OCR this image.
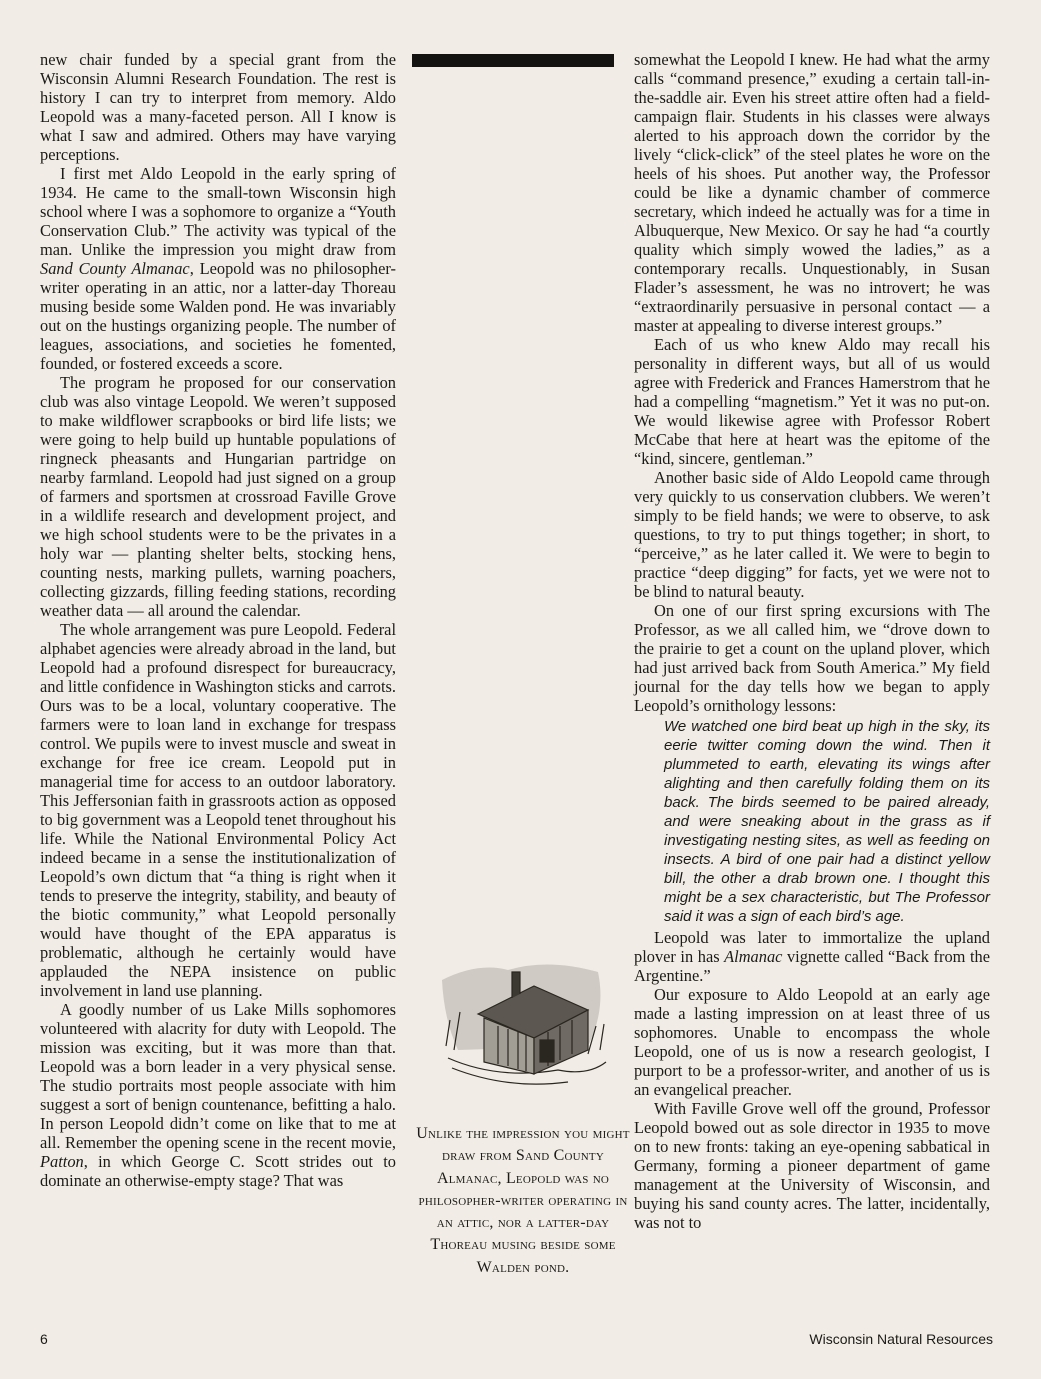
new chair funded by a special grant from the Wisconsin Alumni Research Foundation. The rest is history I can try to interpret from memory. Aldo Leopold was a many-faceted person. All I know is what I saw and admired. Others may have varying perceptions.

I first met Aldo Leopold in the early spring of 1934. He came to the small-town Wisconsin high school where I was a sophomore to organize a “Youth Conservation Club.” The activity was typical of the man. Unlike the impression you might draw from Sand County Almanac, Leopold was no philosopher-writer operating in an attic, nor a latter-day Thoreau musing beside some Walden pond. He was invariably out on the hustings organizing people. The number of leagues, associations, and societies he fomented, founded, or fostered exceeds a score.

The program he proposed for our conservation club was also vintage Leopold. We weren’t supposed to make wildflower scrapbooks or bird life lists; we were going to help build up huntable populations of ringneck pheasants and Hungarian partridge on nearby farmland. Leopold had just signed on a group of farmers and sportsmen at crossroad Faville Grove in a wildlife research and development project, and we high school students were to be the privates in a holy war — planting shelter belts, stocking hens, counting nests, marking pullets, warning poachers, collecting gizzards, filling feeding stations, recording weather data — all around the calendar.

The whole arrangement was pure Leopold. Federal alphabet agencies were already abroad in the land, but Leopold had a profound disrespect for bureaucracy, and little confidence in Washington sticks and carrots. Ours was to be a local, voluntary cooperative. The farmers were to loan land in exchange for trespass control. We pupils were to invest muscle and sweat in exchange for free ice cream. Leopold put in managerial time for access to an outdoor laboratory. This Jeffersonian faith in grassroots action as opposed to big government was a Leopold tenet throughout his life. While the National Environmental Policy Act indeed became in a sense the institutionalization of Leopold’s own dictum that “a thing is right when it tends to preserve the integrity, stability, and beauty of the biotic community,” what Leopold personally would have thought of the EPA apparatus is problematic, although he certainly would have applauded the NEPA insistence on public involvement in land use planning.

A goodly number of us Lake Mills sophomores volunteered with alacrity for duty with Leopold. The mission was exciting, but it was more than that. Leopold was a born leader in a very physical sense. The studio portraits most people associate with him suggest a sort of benign countenance, befitting a halo. In person Leopold didn’t come on like that to me at all. Remember the opening scene in the recent movie, Patton, in which George C. Scott strides out to dominate an otherwise-empty stage? That was

Unlike the impression you might draw from Sand County Almanac, Leopold was no philosopher-writer operating in an attic, nor a latter-day Thoreau musing beside some Walden pond.

somewhat the Leopold I knew. He had what the army calls “command presence,” exuding a certain tall-in-the-saddle air. Even his street attire often had a field-campaign flair. Students in his classes were always alerted to his approach down the corridor by the lively “click-click” of the steel plates he wore on the heels of his shoes. Put another way, the Professor could be like a dynamic chamber of commerce secretary, which indeed he actually was for a time in Albuquerque, New Mexico. Or say he had “a courtly quality which simply wowed the ladies,” as a contemporary recalls. Unquestionably, in Susan Flader’s assessment, he was no introvert; he was “extraordinarily persuasive in personal contact — a master at appealing to diverse interest groups.”

Each of us who knew Aldo may recall his personality in different ways, but all of us would agree with Frederick and Frances Hamerstrom that he had a compelling “magnetism.” Yet it was no put-on. We would likewise agree with Professor Robert McCabe that here at heart was the epitome of the “kind, sincere, gentleman.”

Another basic side of Aldo Leopold came through very quickly to us conservation clubbers. We weren’t simply to be field hands; we were to observe, to ask questions, to try to put things together; in short, to “perceive,” as he later called it. We were to begin to practice “deep digging” for facts, yet we were not to be blind to natural beauty.

On one of our first spring excursions with The Professor, as we all called him, we “drove down to the prairie to get a count on the upland plover, which had just arrived back from South America.” My field journal for the day tells how we began to apply Leopold’s ornithology lessons:

We watched one bird beat up high in the sky, its eerie twitter coming down the wind. Then it plummeted to earth, elevating its wings after alighting and then carefully folding them on its back. The birds seemed to be paired already, and were sneaking about in the grass as if investigating nesting sites, as well as feeding on insects. A bird of one pair had a distinct yellow bill, the other a drab brown one. I thought this might be a sex characteristic, but The Professor said it was a sign of each bird’s age.

Leopold was later to immortalize the upland plover in has Almanac vignette called “Back from the Argentine.”

Our exposure to Aldo Leopold at an early age made a lasting impression on at least three of us sophomores. Unable to encompass the whole Leopold, one of us is now a research geologist, I purport to be a professor-writer, and another of us is an evangelical preacher.

With Faville Grove well off the ground, Professor Leopold bowed out as sole director in 1935 to move on to new fronts: taking an eye-opening sabbatical in Germany, forming a pioneer department of game management at the University of Wisconsin, and buying his sand county acres. The latter, incidentally, was not to

6	Wisconsin Natural Resources
